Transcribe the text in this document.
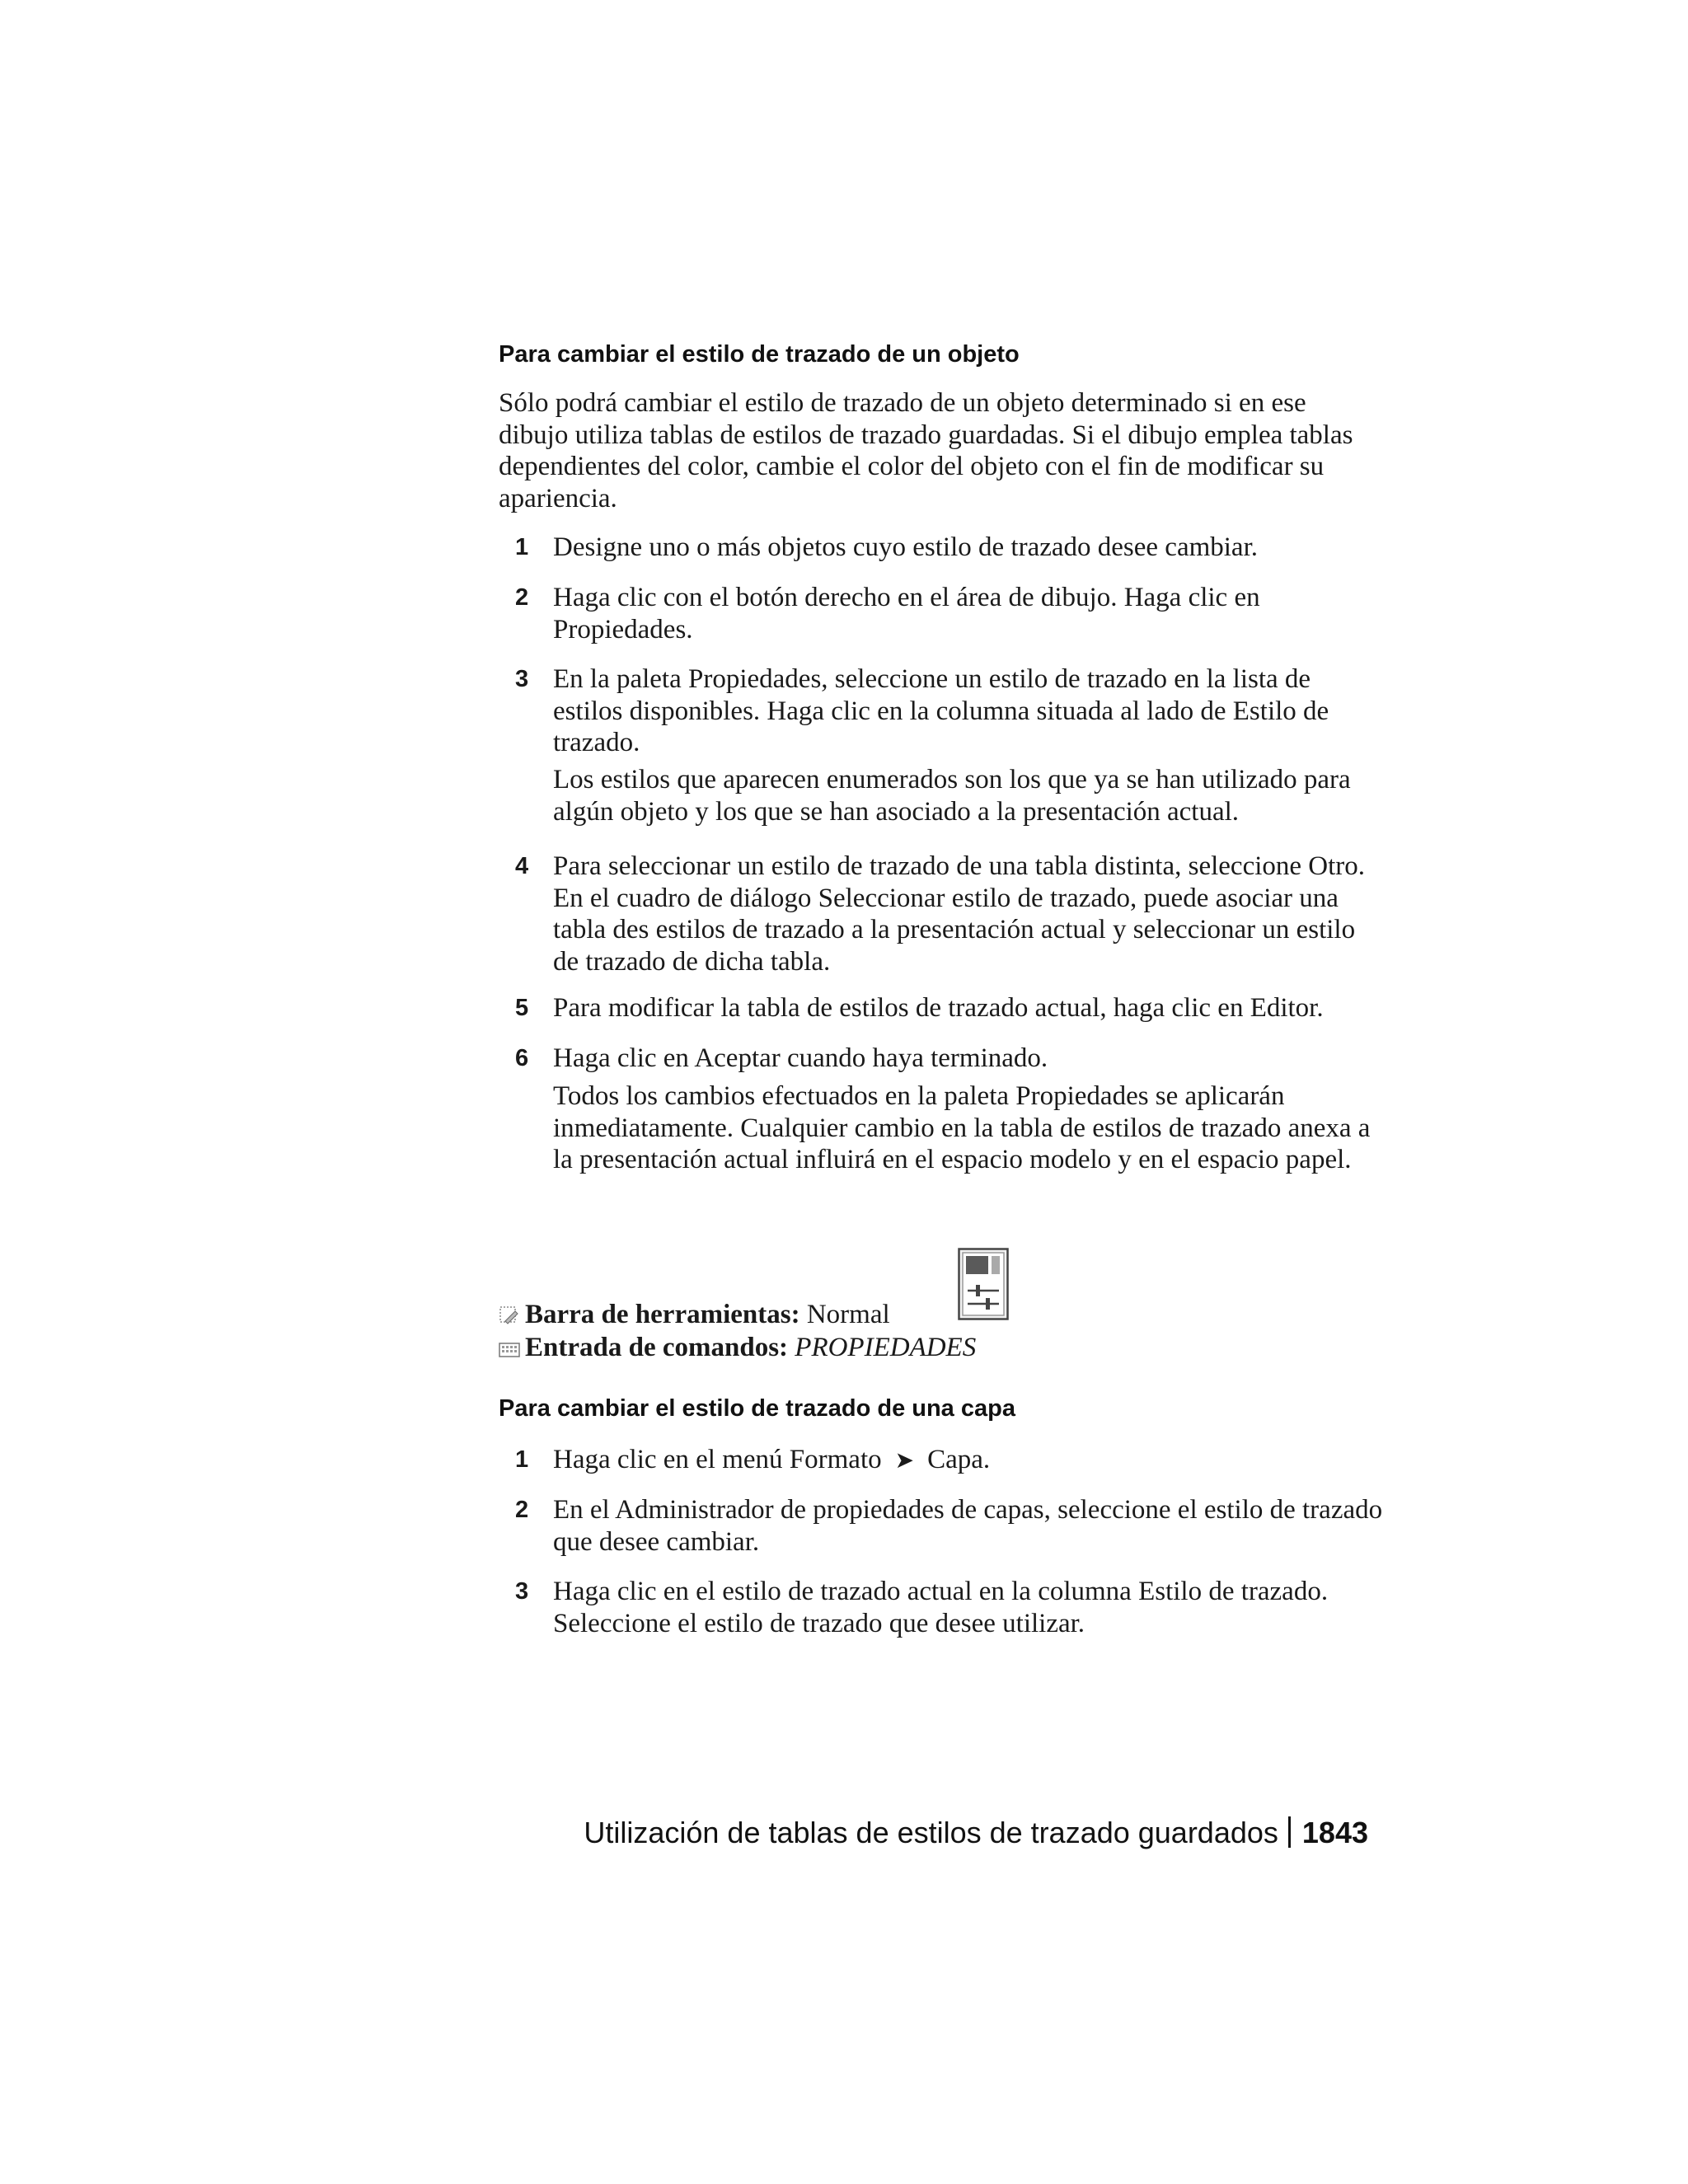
Para cambiar el estilo de trazado de un objeto
Sólo podrá cambiar el estilo de trazado de un objeto determinado si en ese dibujo utiliza tablas de estilos de trazado guardadas. Si el dibujo emplea tablas dependientes del color, cambie el color del objeto con el fin de modificar su apariencia.
1 Designe uno o más objetos cuyo estilo de trazado desee cambiar.
2 Haga clic con el botón derecho en el área de dibujo. Haga clic en Propiedades.
3 En la paleta Propiedades, seleccione un estilo de trazado en la lista de estilos disponibles. Haga clic en la columna situada al lado de Estilo de trazado.
Los estilos que aparecen enumerados son los que ya se han utilizado para algún objeto y los que se han asociado a la presentación actual.
4 Para seleccionar un estilo de trazado de una tabla distinta, seleccione Otro. En el cuadro de diálogo Seleccionar estilo de trazado, puede asociar una tabla des estilos de trazado a la presentación actual y seleccionar un estilo de trazado de dicha tabla.
5 Para modificar la tabla de estilos de trazado actual, haga clic en Editor.
6 Haga clic en Aceptar cuando haya terminado.
Todos los cambios efectuados en la paleta Propiedades se aplicarán inmediatamente. Cualquier cambio en la tabla de estilos de trazado anexa a la presentación actual influirá en el espacio modelo y en el espacio papel.
Barra de herramientas: Normal
Entrada de comandos: PROPIEDADES
Para cambiar el estilo de trazado de una capa
1 Haga clic en el menú Formato ➤ Capa.
2 En el Administrador de propiedades de capas, seleccione el estilo de trazado que desee cambiar.
3 Haga clic en el estilo de trazado actual en la columna Estilo de trazado. Seleccione el estilo de trazado que desee utilizar.
Utilización de tablas de estilos de trazado guardados 1843
